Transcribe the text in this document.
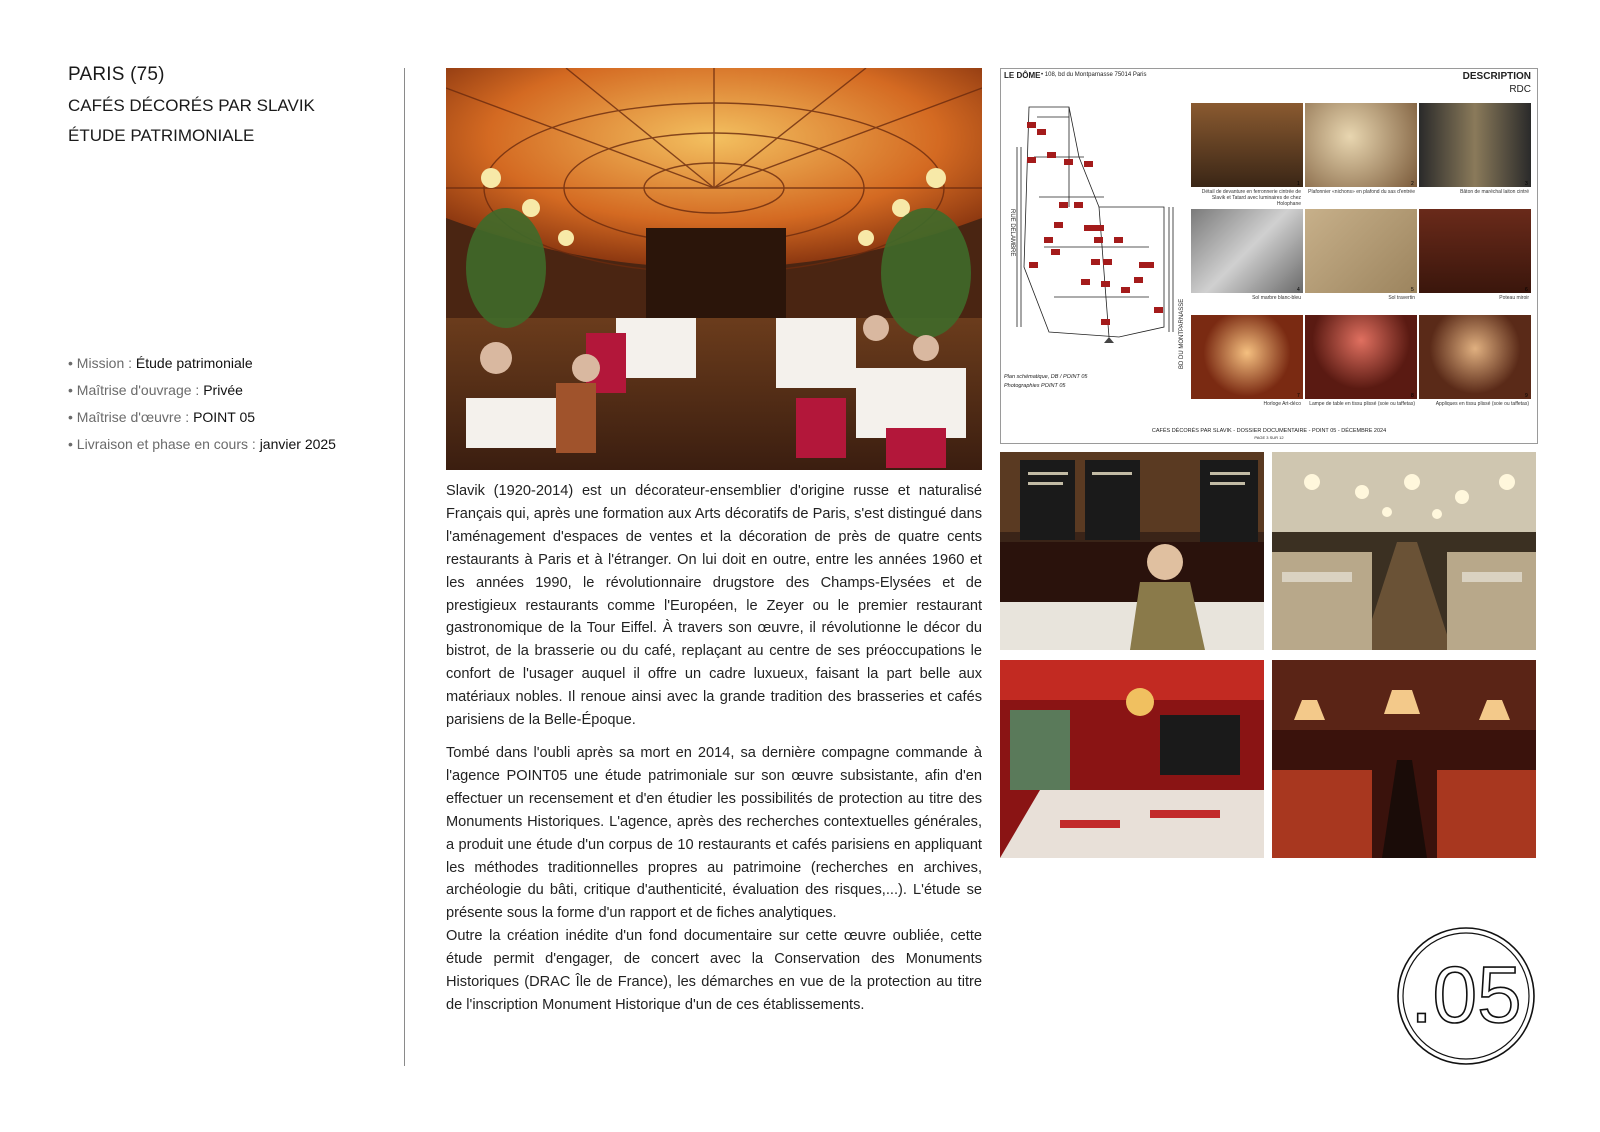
PARIS (75)
CAFÉS DÉCORÉS PAR SLAVIK
ÉTUDE PATRIMONIALE
• Mission : Étude patrimoniale
• Maîtrise d'ouvrage : Privée
• Maîtrise d'œuvre : POINT 05
• Livraison et phase en cours : janvier 2025

Slavik (1920-2014) est un décorateur-ensemblier d'origine russe et naturalisé Français qui, après une formation aux Arts décoratifs de Paris, s'est distingué dans l'aménagement d'espaces de ventes et la décoration de près de quatre cents restaurants à Paris et à l'étranger. On lui doit en outre, entre les années 1960 et les années 1990, le révolutionnaire drugstore des Champs-Elysées et de prestigieux restaurants comme l'Européen, le Zeyer ou le premier restaurant gastronomique de la Tour Eiffel. À travers son œuvre, il révolutionne le décor du bistrot, de la brasserie ou du café, replaçant au centre de ses préoccupations le confort de l'usager auquel il offre un cadre luxueux, faisant la part belle aux matériaux nobles. Il renoue ainsi avec la grande tradition des brasseries et cafés parisiens de la Belle-Époque.

Tombé dans l'oubli après sa mort en 2014, sa dernière compagne commande à l'agence POINT05 une étude patrimoniale sur son œuvre subsistante, afin d'en effectuer un recensement et d'en étudier les possibilités de protection au titre des Monuments Historiques. L'agence, après des recherches contextuelles générales, a produit une étude d'un corpus de 10 restaurants et cafés parisiens en appliquant les méthodes traditionnelles propres au patrimoine (recherches en archives, archéologie du bâti, critique d'authenticité, évaluation des risques,...). L'étude se présente sous la forme d'un rapport et de fiches analytiques.

Outre la création inédite d'un fond documentaire sur cette œuvre oubliée, cette étude permit d'engager, de concert avec la Conservation des Monuments Historiques (DRAC Île de France), les démarches en vue de la protection au titre de l'inscription Monument Historique d'un de ces établissements.

LE DÔME • 108, bd du Montparnasse 75014 Paris	DESCRIPTION
RDC
RUE DELAMBRE
BD DU MONTPARNASSE
Plan schématique, DB / POINT 05
Photographies POINT 05
1	2	3
4	5	6
7	8	9
Détail de devanture en ferronnerie cintrée de Slavik et Tatard avec luminaires de chez Holophane
Plafonnier «nichons» en plafond du sas d'entrée	Bâton de maréchal laiton cintré
Sol marbre blanc-bleu	Sol travertin	Poteau miroir
Horloge Art-déco	Lampe de table en tissu plissé (soie ou taffetas)	Appliques en tissu plissé (soie ou taffetas)
CAFÉS DÉCORÉS PAR SLAVIK - DOSSIER DOCUMENTAIRE - POINT 05 - DÉCEMBRE 2024
PAGE 3 SUR 12
.05
